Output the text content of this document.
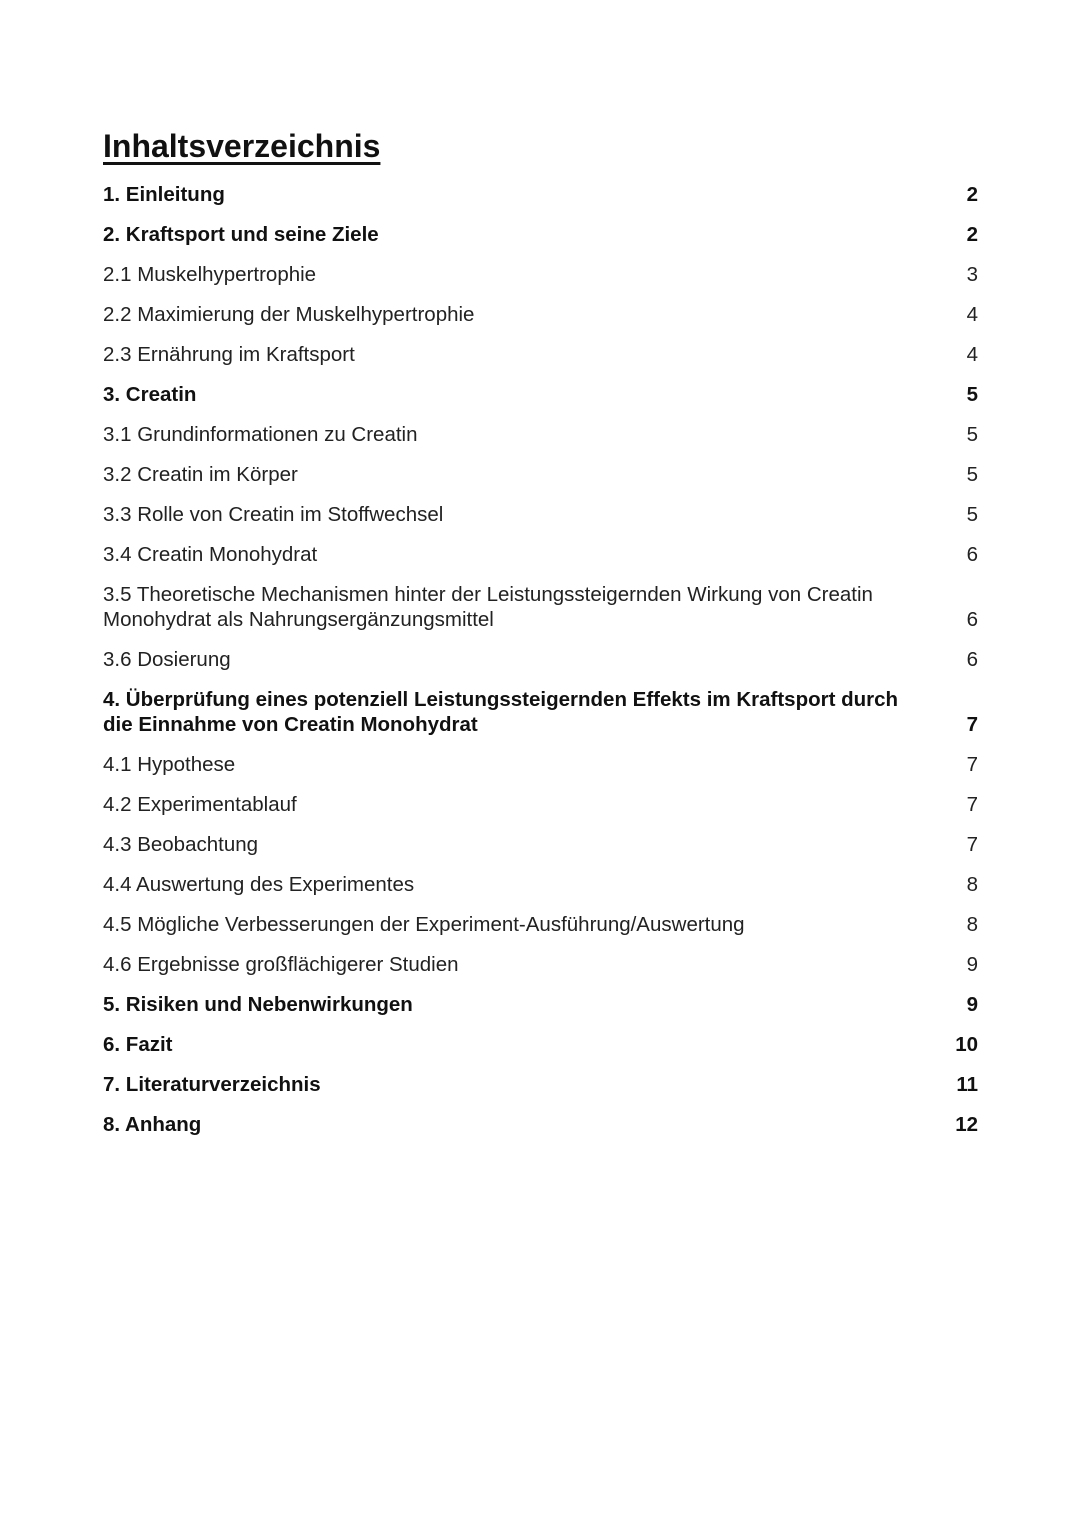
Inhaltsverzeichnis
1. Einleitung	2
2. Kraftsport und seine Ziele	2
2.1 Muskelhypertrophie	3
2.2 Maximierung der Muskelhypertrophie	4
2.3 Ernährung im Kraftsport	4
3. Creatin	5
3.1 Grundinformationen zu Creatin	5
3.2 Creatin im Körper	5
3.3 Rolle von Creatin im Stoffwechsel	5
3.4 Creatin Monohydrat	6
3.5 Theoretische Mechanismen hinter der Leistungssteigernden Wirkung von Creatin Monohydrat als Nahrungsergänzungsmittel	6
3.6 Dosierung	6
4. Überprüfung eines potenziell Leistungssteigernden Effekts im Kraftsport durch die Einnahme von Creatin Monohydrat	7
4.1 Hypothese	7
4.2 Experimentablauf	7
4.3 Beobachtung	7
4.4 Auswertung des Experimentes	8
4.5 Mögliche Verbesserungen der Experiment-Ausführung/Auswertung	8
4.6 Ergebnisse großflächigerer Studien	9
5. Risiken und Nebenwirkungen	9
6. Fazit	10
7. Literaturverzeichnis	11
8. Anhang	12
